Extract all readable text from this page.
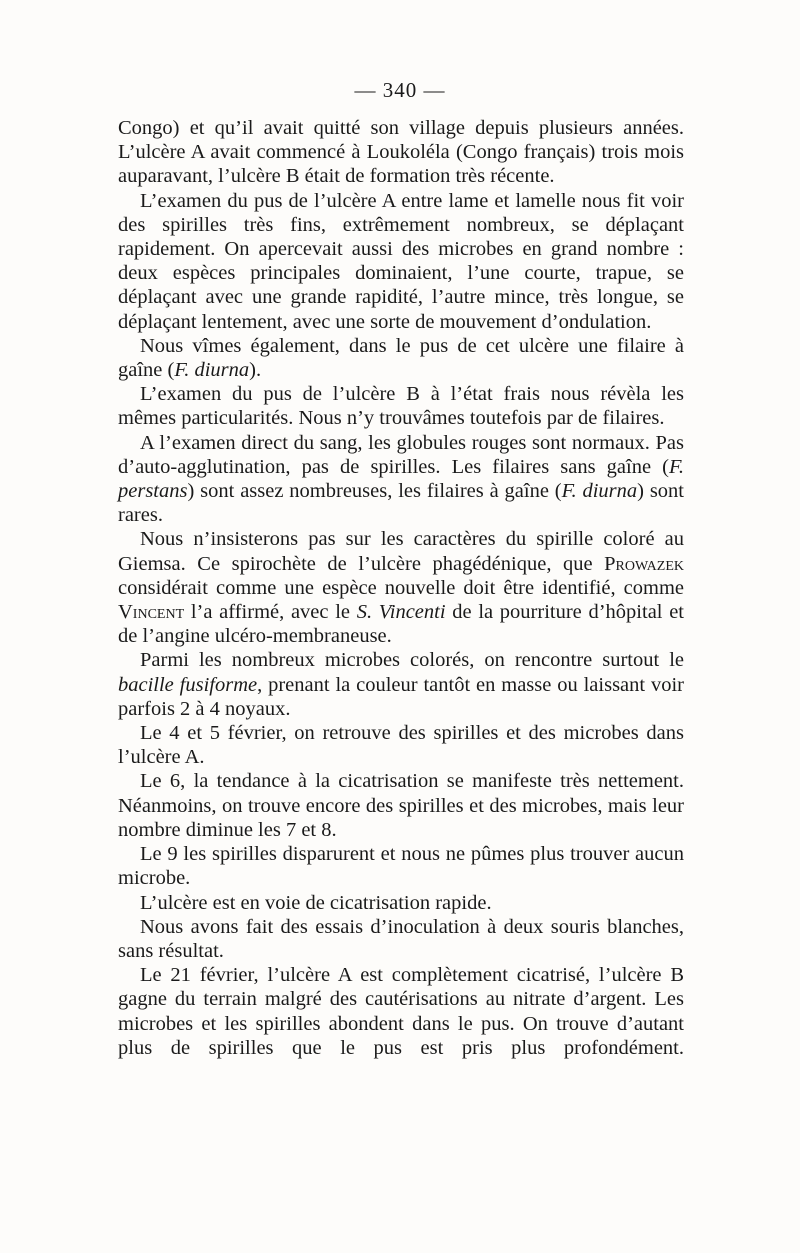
— 340 —

Congo) et qu’il avait quitté son village depuis plusieurs années. L’ulcère A avait commencé à Loukoléla (Congo français) trois mois auparavant, l’ulcère B était de formation très récente.

L’examen du pus de l’ulcère A entre lame et lamelle nous fit voir des spirilles très fins, extrêmement nombreux, se déplaçant rapidement. On apercevait aussi des microbes en grand nombre : deux espèces principales dominaient, l’une courte, trapue, se déplaçant avec une grande rapidité, l’autre mince, très longue, se déplaçant lentement, avec une sorte de mouvement d’ondulation.

Nous vîmes également, dans le pus de cet ulcère une filaire à gaîne (F. diurna).

L’examen du pus de l’ulcère B à l’état frais nous révèla les mêmes particularités. Nous n’y trouvâmes toutefois par de filaires.

A l’examen direct du sang, les globules rouges sont normaux. Pas d’auto-agglutination, pas de spirilles. Les filaires sans gaîne (F. perstans) sont assez nombreuses, les filaires à gaîne (F. diurna) sont rares.

Nous n’insisterons pas sur les caractères du spirille coloré au Giemsa. Ce spirochète de l’ulcère phagédénique, que Prowazek considérait comme une espèce nouvelle doit être identifié, comme Vincent l’a affirmé, avec le S. Vincenti de la pourriture d’hôpital et de l’angine ulcéro-membraneuse.

Parmi les nombreux microbes colorés, on rencontre surtout le bacille fusiforme, prenant la couleur tantôt en masse ou laissant voir parfois 2 à 4 noyaux.

Le 4 et 5 février, on retrouve des spirilles et des microbes dans l’ulcère A.

Le 6, la tendance à la cicatrisation se manifeste très nettement. Néanmoins, on trouve encore des spirilles et des microbes, mais leur nombre diminue les 7 et 8.

Le 9 les spirilles disparurent et nous ne pûmes plus trouver aucun microbe.

L’ulcère est en voie de cicatrisation rapide.

Nous avons fait des essais d’inoculation à deux souris blanches, sans résultat.

Le 21 février, l’ulcère A est complètement cicatrisé, l’ulcère B gagne du terrain malgré des cautérisations au nitrate d’argent. Les microbes et les spirilles abondent dans le pus. On trouve d’autant plus de spirilles que le pus est pris plus profondément.
